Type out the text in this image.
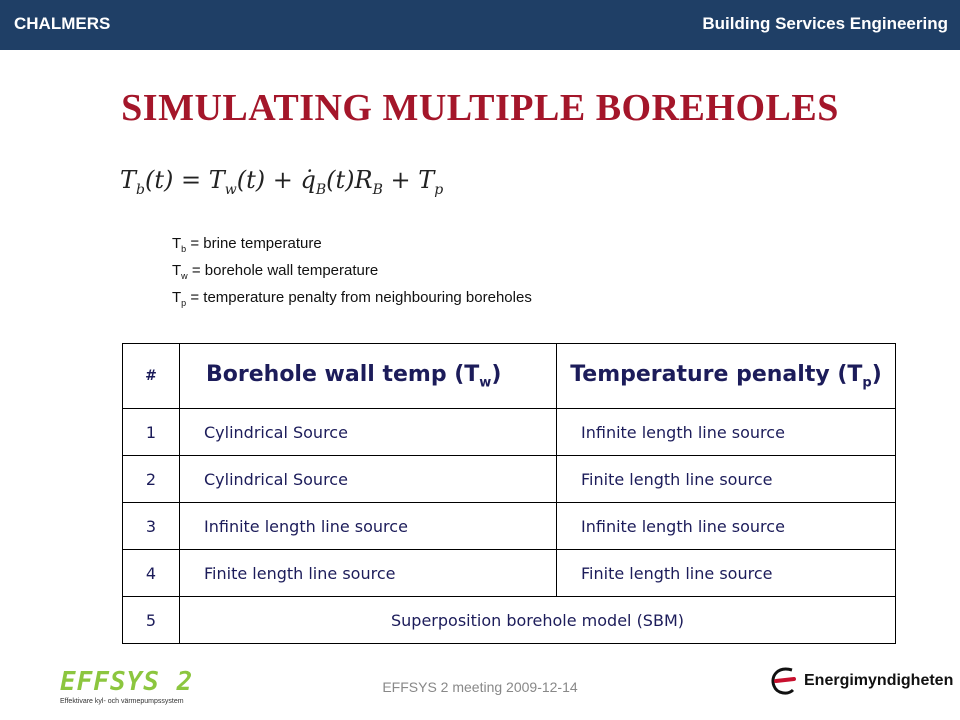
CHALMERS	Building Services Engineering
SIMULATING MULTIPLE BOREHOLES
$T_b(t) = T_w(t)$ + $q̇_B(t)R_B + T_p$
$T_b$ = brine temperature
$T_w$ = borehole wall temperature
$T_p$ = temperature penalty from neighbouring boreholes
#	Borehole wall temp $(T_w)$	Temperature penalty $(T_p)$
1	Cylindrical Source	Infinite length line source
2	Cylindrical Source	Finite length line source
3	Infinite length line source	Infinite length line source
4	Finite length line source	Finite length line source
5	Superposition borehole model (SBM)	
EFFSYS 2
Effektivare kyl- och värmepumpssystem
EFFSYS 2 meeting 2009-12-14	Energimyndigheten
